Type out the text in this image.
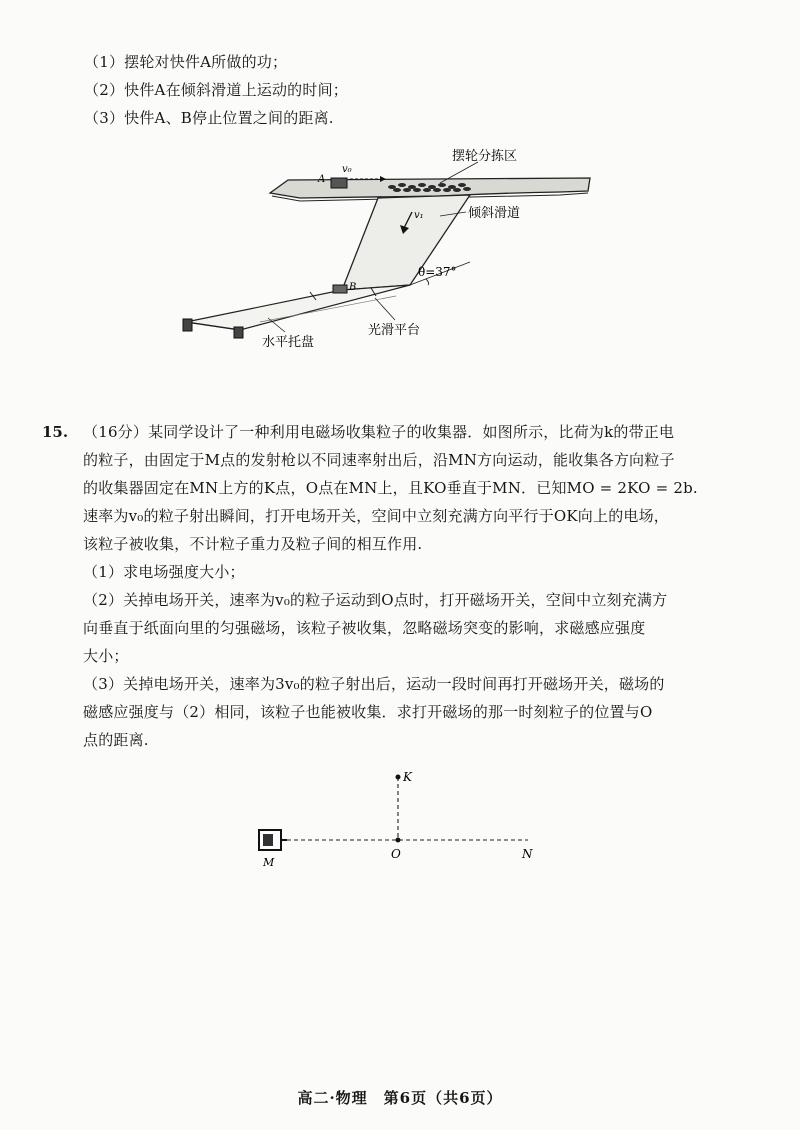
（1）摆轮对快件A所做的功；
（2）快件A在倾斜滑道上运动的时间；
（3）快件A、B停止位置之间的距离.
A
v₀
摆轮分拣区
v₁	倾斜滑道
θ=37°
B
光滑平台
水平托盘
15. （16分）某同学设计了一种利用电磁场收集粒子的收集器．如图所示，比荷为k的带正电
的粒子，由固定于M点的发射枪以不同速率射出后，沿MN方向运动，能收集各方向粒子
的收集器固定在MN上方的K点，O点在MN上，且KO垂直于MN．已知MO = 2KO = 2b.
速率为v₀的粒子射出瞬间，打开电场开关，空间中立刻充满方向平行于OK向上的电场，
该粒子被收集，不计粒子重力及粒子间的相互作用.
（1）求电场强度大小；
（2）关掉电场开关，速率为v₀的粒子运动到O点时，打开磁场开关，空间中立刻充满方
向垂直于纸面向里的匀强磁场，该粒子被收集，忽略磁场突变的影响，求磁感应强度
大小；
（3）关掉电场开关，速率为3v₀的粒子射出后，运动一段时间再打开磁场开关，磁场的
磁感应强度与（2）相同，该粒子也能被收集．求打开磁场的那一时刻粒子的位置与O
点的距离.
M
K
O	N
高二·物理　第6页（共6页）
